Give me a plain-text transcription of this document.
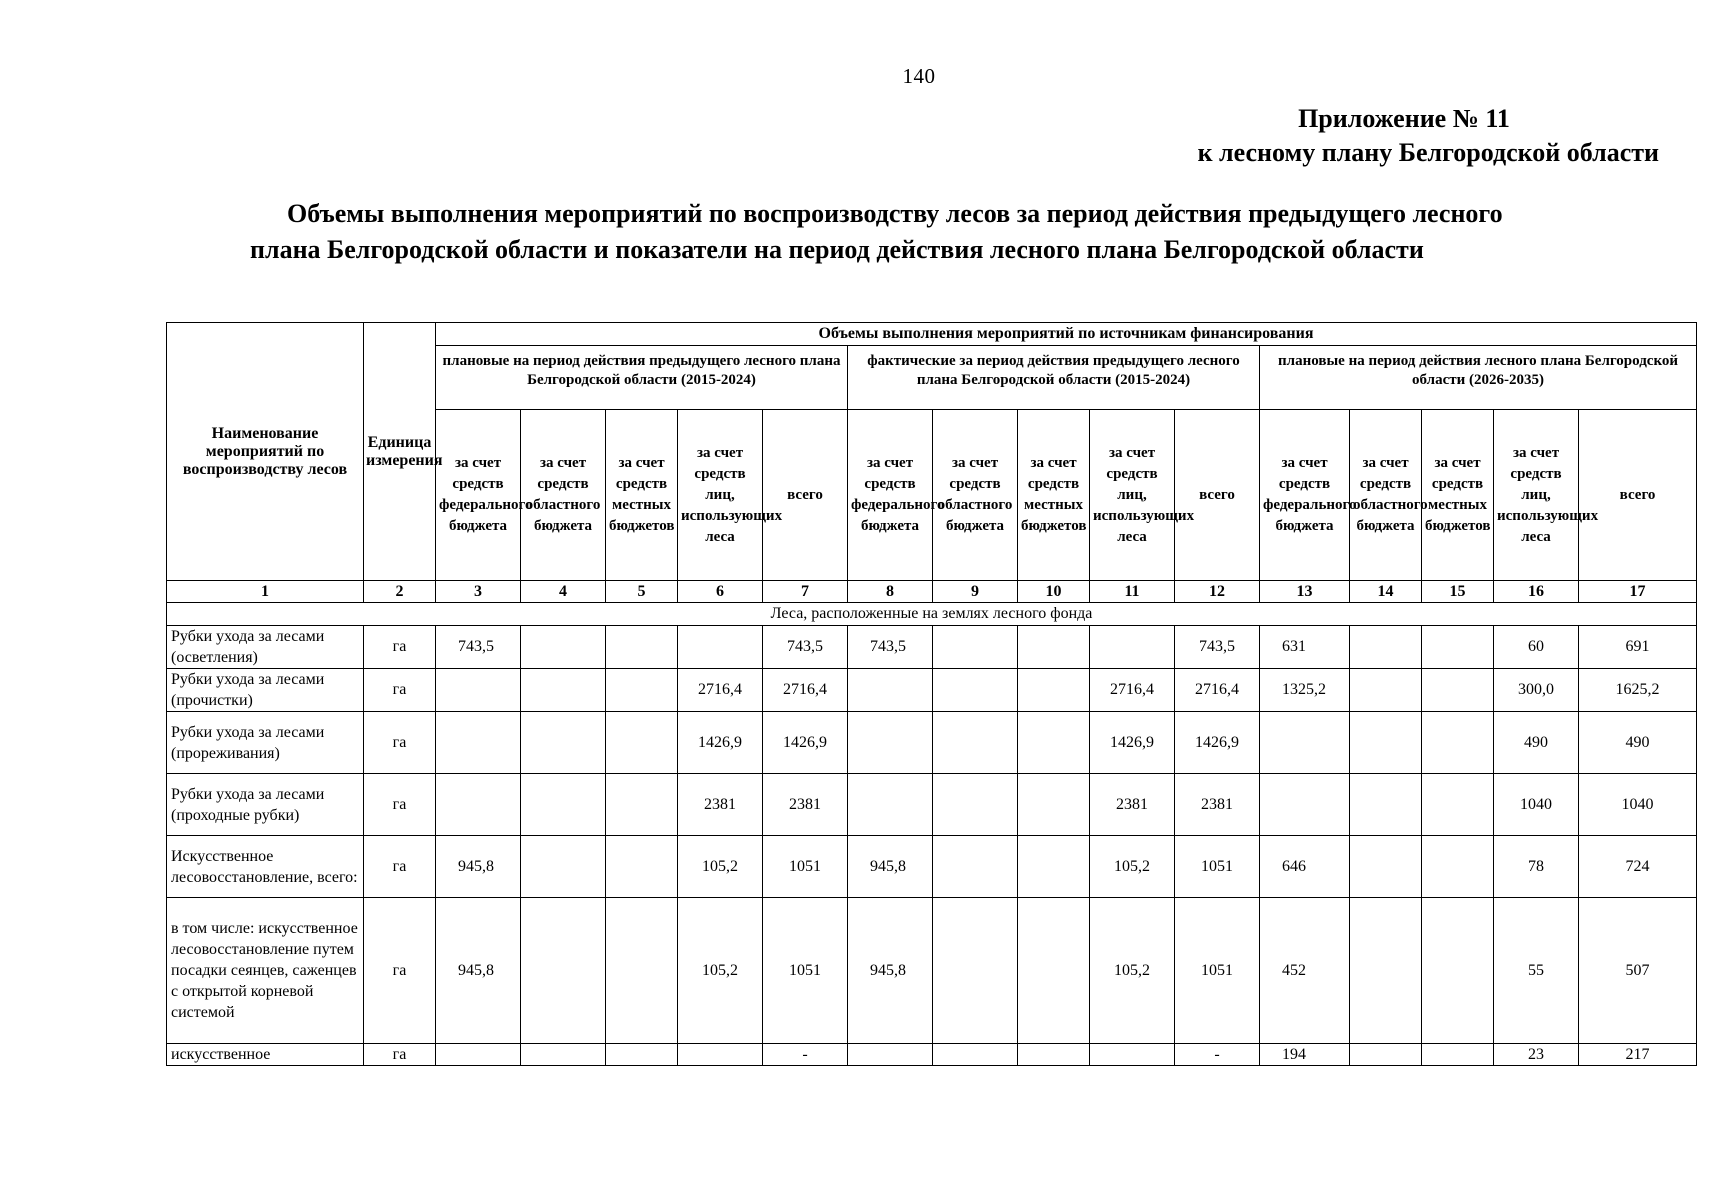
140
Приложение № 11
к лесному плану Белгородской области
Объемы выполнения мероприятий по воспроизводству лесов за период действия предыдущего лесного
плана Белгородской области и показатели на период действия лесного плана Белгородской области
Наименование мероприятий по воспроизводству лесов	Единица измерения	Объемы выполнения мероприятий по источникам финансирования														
		плановые на период действия предыдущего лесного плана Белгородской области (2015-2024)					фактические за период действия предыдущего лесного плана Белгородской области (2015-2024)					плановые на период действия лесного плана Белгородской области (2026-2035)				
		за счет средств федерального бюджета	за счет средств областного бюджета	за счет средств местных бюджетов	за счет средств лиц, использующих леса	всего	за счет средств федерального бюджета	за счет средств областного бюджета	за счет средств местных бюджетов	за счет средств лиц, использующих леса	всего	за счет средств федерального бюджета	за счет средств областного бюджета	за счет средств местных бюджетов	за счет средств лиц, использующих леса	всего
1	2	3	4	5	6	7	8	9	10	11	12	13	14	15	16	17
Леса, расположенные на землях лесного фонда																
Рубки ухода за лесами (осветления)	га	743,5				743,5	743,5				743,5	631			60	691
Рубки ухода за лесами (прочистки)	га				2716,4	2716,4				2716,4	2716,4	1325,2			300,0	1625,2
Рубки ухода за лесами (прореживания)	га				1426,9	1426,9				1426,9	1426,9				490	490
Рубки ухода за лесами (проходные рубки)	га				2381	2381				2381	2381				1040	1040
Искусственное лесовосстановление, всего:	га	945,8			105,2	1051	945,8			105,2	1051	646			78	724
в том числе: искусственное лесовосстановление путем посадки сеянцев, саженцев с открытой корневой системой	га	945,8			105,2	1051	945,8			105,2	1051	452			55	507
искусственное	га					-					-	194			23	217
